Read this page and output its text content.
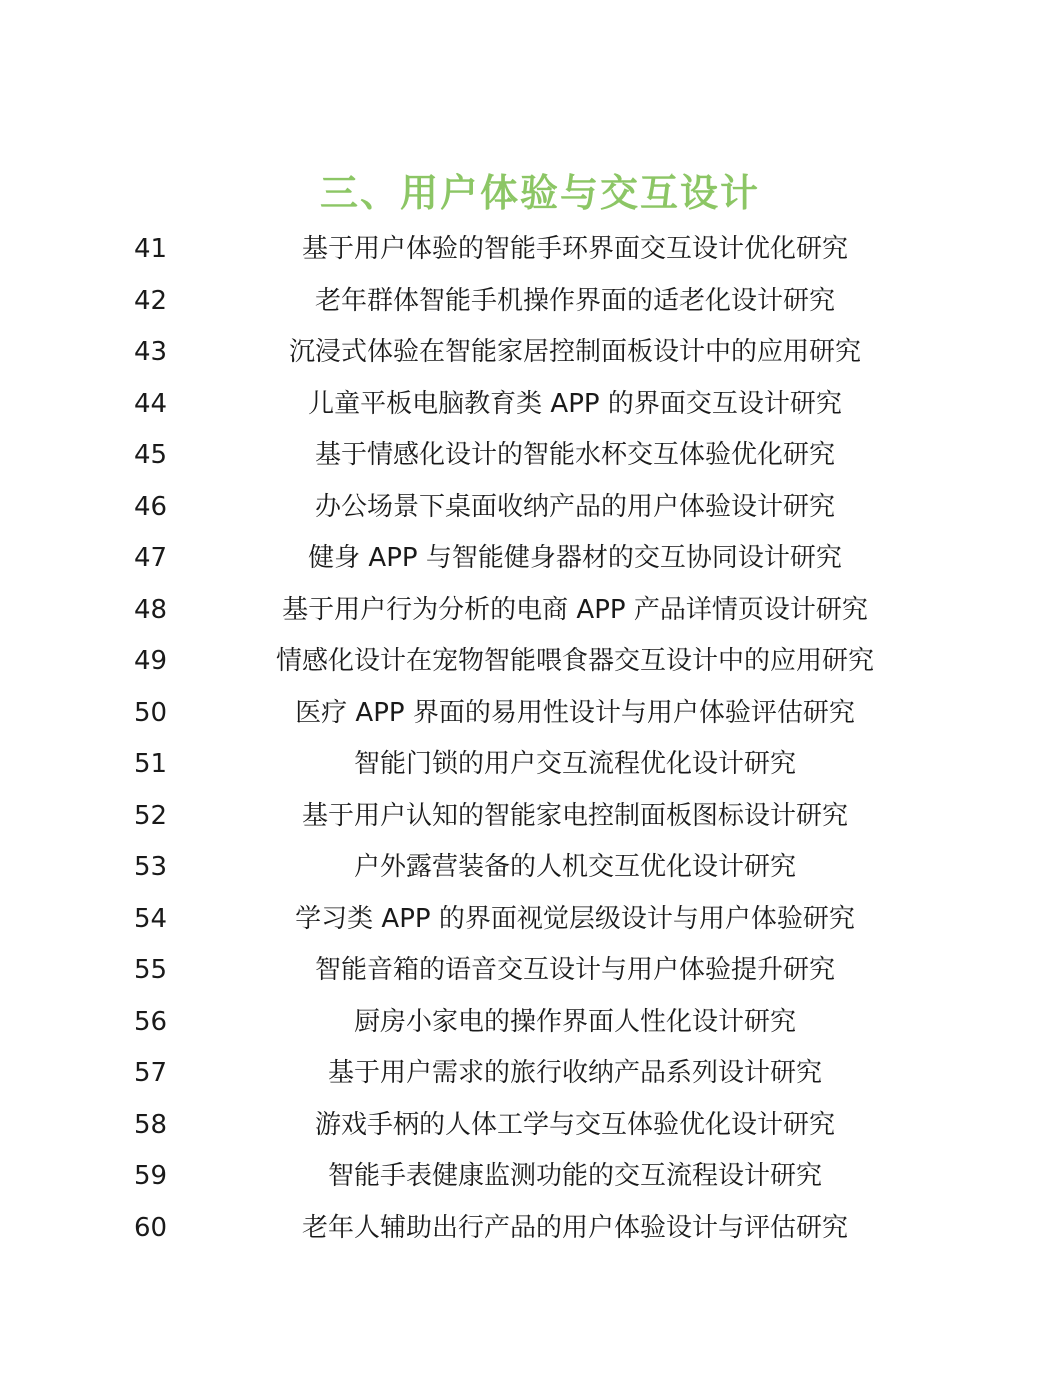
三、用户体验与交互设计
41	基于用户体验的智能手环界面交互设计优化研究
42	老年群体智能手机操作界面的适老化设计研究
43	沉浸式体验在智能家居控制面板设计中的应用研究
44	儿童平板电脑教育类 APP 的界面交互设计研究
45	基于情感化设计的智能水杯交互体验优化研究
46	办公场景下桌面收纳产品的用户体验设计研究
47	健身 APP 与智能健身器材的交互协同设计研究
48	基于用户行为分析的电商 APP 产品详情页设计研究
49	情感化设计在宠物智能喂食器交互设计中的应用研究
50	医疗 APP 界面的易用性设计与用户体验评估研究
51	智能门锁的用户交互流程优化设计研究
52	基于用户认知的智能家电控制面板图标设计研究
53	户外露营装备的人机交互优化设计研究
54	学习类 APP 的界面视觉层级设计与用户体验研究
55	智能音箱的语音交互设计与用户体验提升研究
56	厨房小家电的操作界面人性化设计研究
57	基于用户需求的旅行收纳产品系列设计研究
58	游戏手柄的人体工学与交互体验优化设计研究
59	智能手表健康监测功能的交互流程设计研究
60	老年人辅助出行产品的用户体验设计与评估研究
